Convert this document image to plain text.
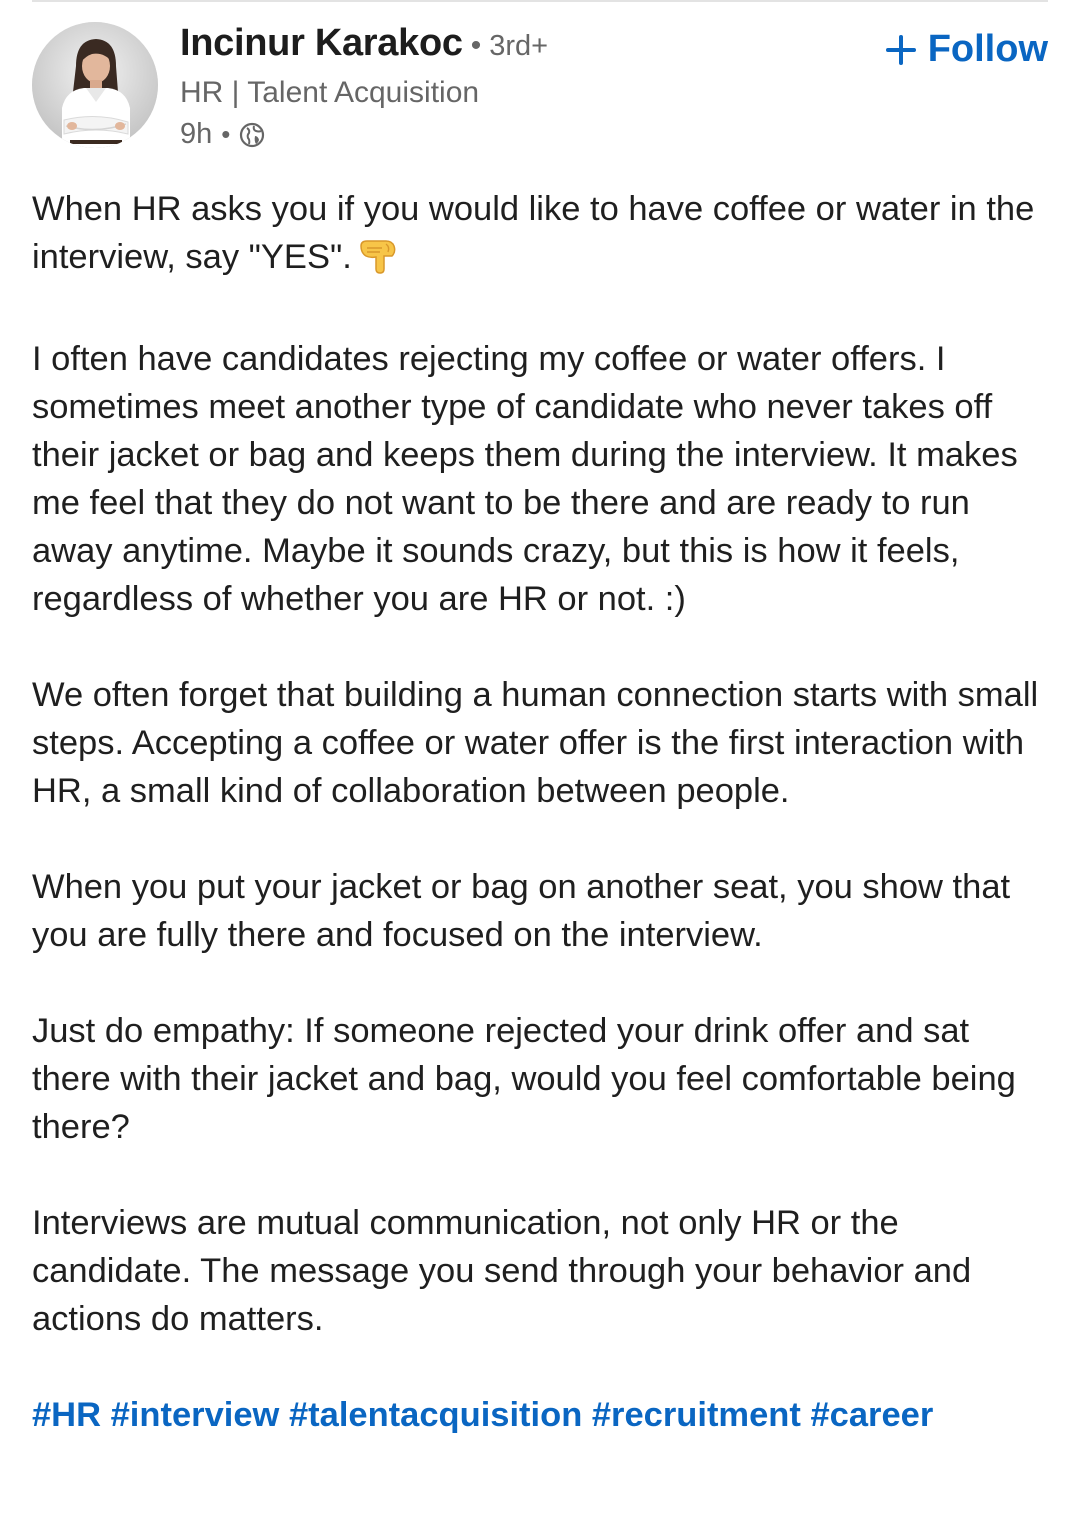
Incinur Karakoc • 3rd+
HR | Talent Acquisition
9h •
Follow

When HR asks you if you would like to have coffee or water in the interview, say "YES".

I often have candidates rejecting my coffee or water offers. I sometimes meet another type of candidate who never takes off their jacket or bag and keeps them during the interview. It makes me feel that they do not want to be there and are ready to run away anytime. Maybe it sounds crazy, but this is how it feels, regardless of whether you are HR or not. :)

We often forget that building a human connection starts with small steps. Accepting a coffee or water offer is the first interaction with HR, a small kind of collaboration between people.

When you put your jacket or bag on another seat, you show that you are fully there and focused on the interview.

Just do empathy: If someone rejected your drink offer and sat there with their jacket and bag, would you feel comfortable being there?

Interviews are mutual communication, not only HR or the candidate. The message you send through your behavior and actions do matters.

#HR #interview #talentacquisition #recruitment #career
